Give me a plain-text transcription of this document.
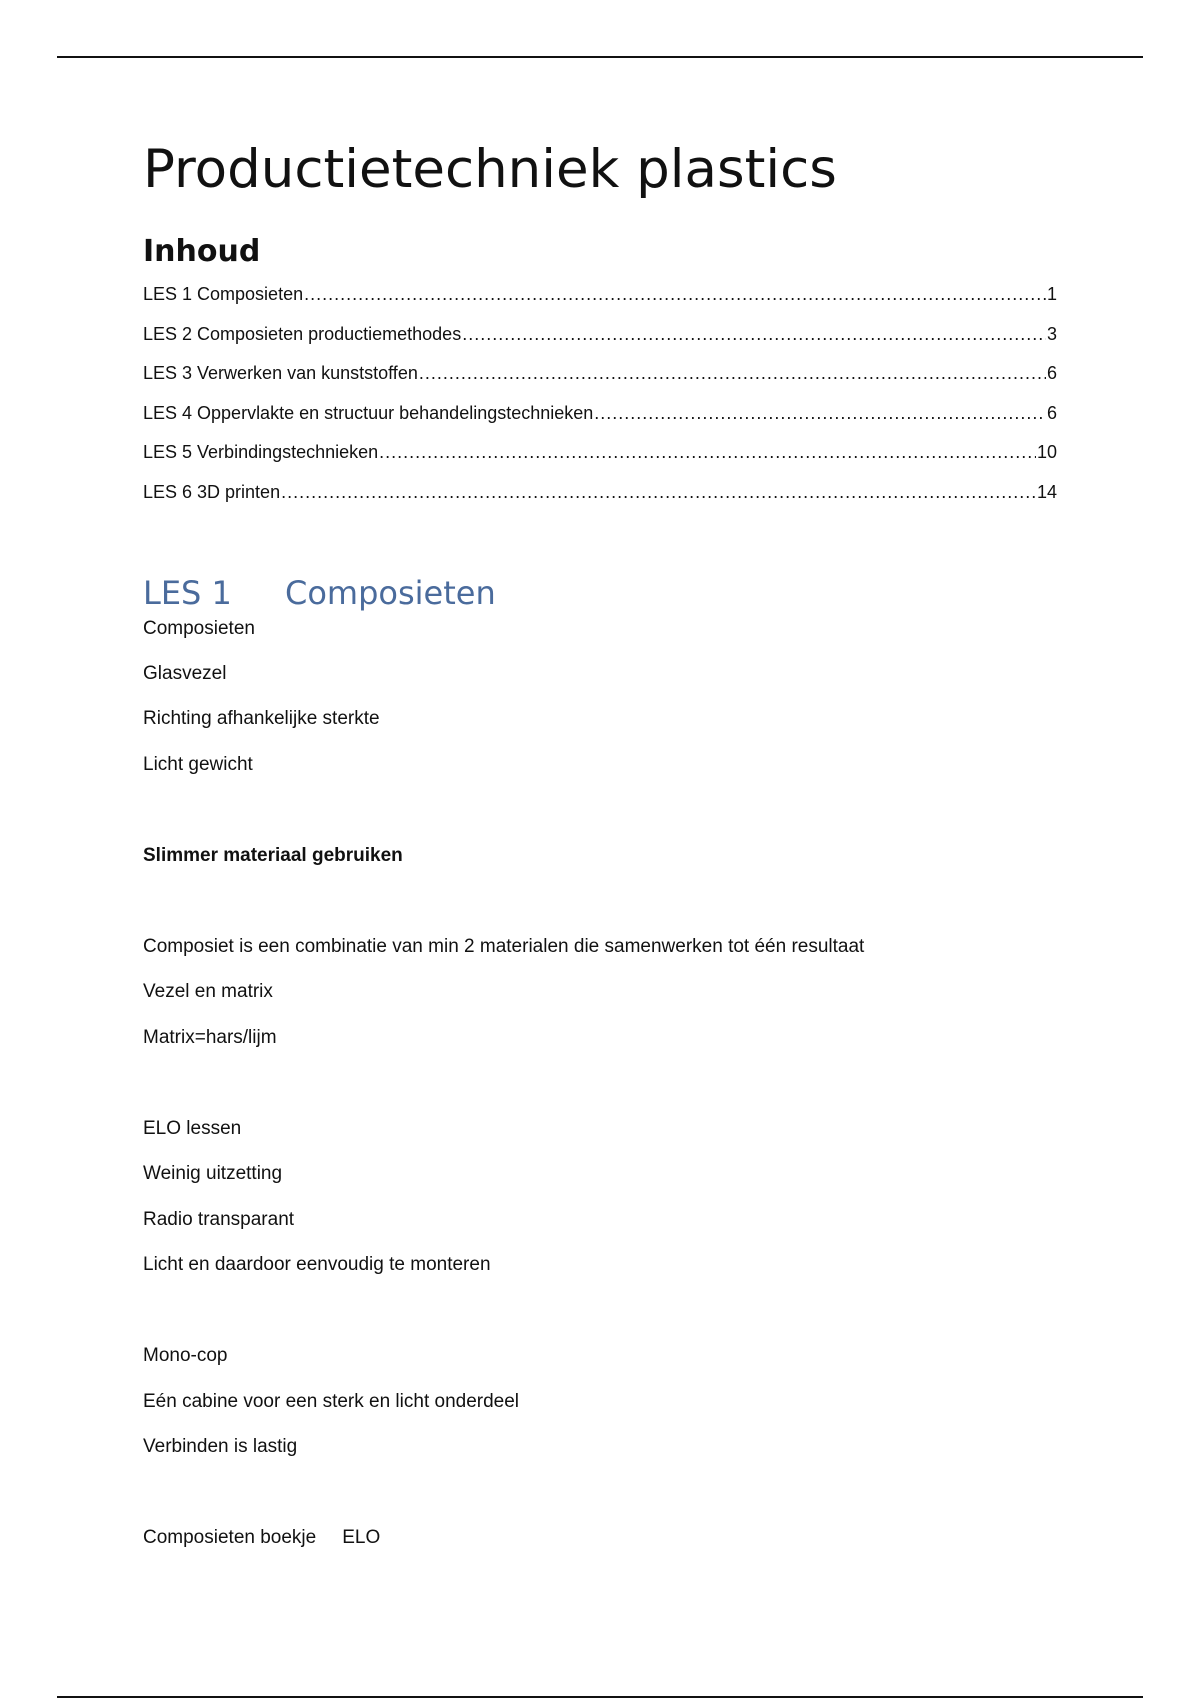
Productietechniek plastics
Inhoud
LES 1 Composieten .....	1
LES 2 Composieten productiemethodes .....	3
LES 3 Verwerken van kunststoffen .....	6
LES 4 Oppervlakte en structuur behandelingstechnieken .....	6
LES 5 Verbindingstechnieken .....	10
LES 6 3D printen .....	14
LES 1 Composieten

Composieten

Glasvezel

Richting afhankelijke sterkte

Licht gewicht

Slimmer materiaal gebruiken

Composiet is een combinatie van min 2 materialen die samenwerken tot één resultaat

Vezel en matrix

Matrix=hars/lijm

ELO lessen

Weinig uitzetting

Radio transparant

Licht en daardoor eenvoudig te monteren

Mono-cop

Eén cabine voor een sterk en licht onderdeel

Verbinden is lastig

Composieten boekje ELO
